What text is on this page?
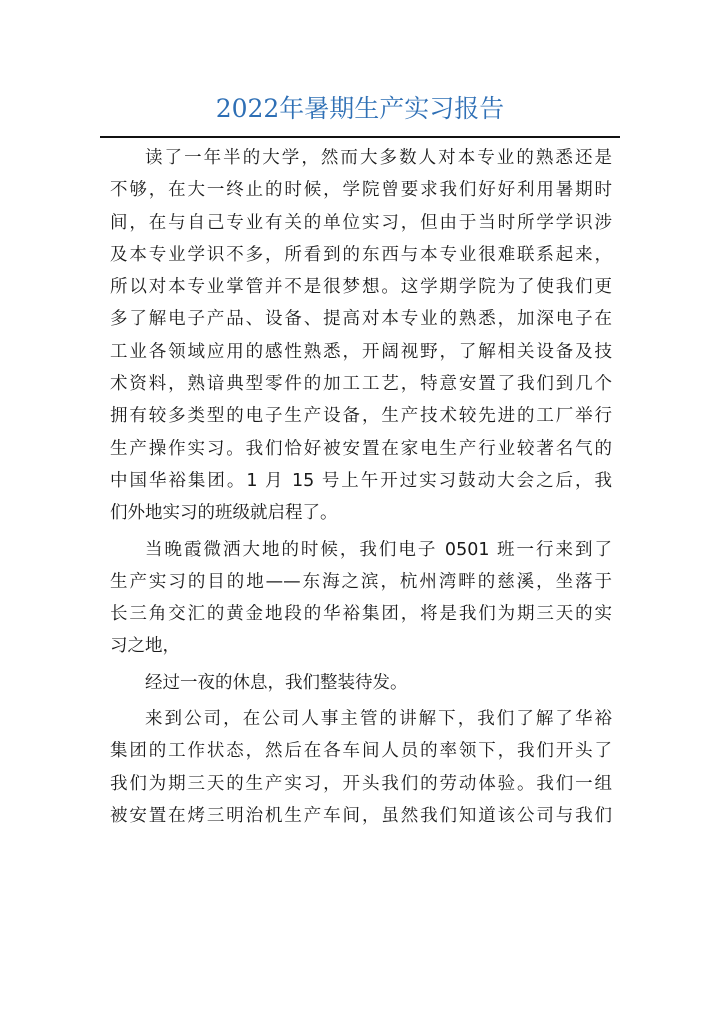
2022年暑期生产实习报告
读了一年半的大学，然而大多数人对本专业的熟悉还是
不够，在大一终止的时候，学院曾要求我们好好利用暑期时
间，在与自己专业有关的单位实习，但由于当时所学学识涉
及本专业学识不多，所看到的东西与本专业很难联系起来，
所以对本专业掌管并不是很梦想。这学期学院为了使我们更
多了解电子产品、设备、提高对本专业的熟悉，加深电子在
工业各领域应用的感性熟悉，开阔视野，了解相关设备及技
术资料，熟谙典型零件的加工工艺，特意安置了我们到几个
拥有较多类型的电子生产设备，生产技术较先进的工厂举行
生产操作实习。我们恰好被安置在家电生产行业较著名气的
中国华裕集团。1 月 15 号上午开过实习鼓动大会之后，我
们外地实习的班级就启程了。
当晚霞微洒大地的时候，我们电子 0501 班一行来到了
生产实习的目的地——东海之滨，杭州湾畔的慈溪，坐落于
长三角交汇的黄金地段的华裕集团，将是我们为期三天的实
习之地，
经过一夜的休息，我们整装待发。
来到公司，在公司人事主管的讲解下，我们了解了华裕
集团的工作状态，然后在各车间人员的率领下，我们开头了
我们为期三天的生产实习，开头我们的劳动体验。我们一组
被安置在烤三明治机生产车间，虽然我们知道该公司与我们
